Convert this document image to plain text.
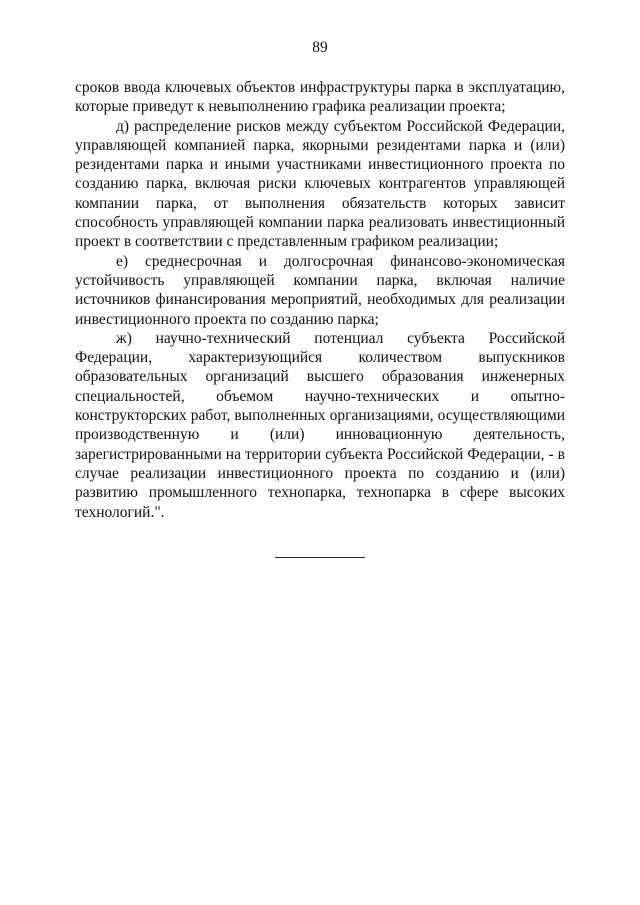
89

сроков ввода ключевых объектов инфраструктуры парка в эксплуатацию, которые приведут к невыполнению графика реализации проекта;

д) распределение рисков между субъектом Российской Федерации, управляющей компанией парка, якорными резидентами парка и (или) резидентами парка и иными участниками инвестиционного проекта по созданию парка, включая риски ключевых контрагентов управляющей компании парка, от выполнения обязательств которых зависит способность управляющей компании парка реализовать инвестиционный проект в соответствии с представленным графиком реализации;

е) среднесрочная и долгосрочная финансово-экономическая устойчивость управляющей компании парка, включая наличие источников финансирования мероприятий, необходимых для реализации инвестиционного проекта по созданию парка;

ж) научно-технический потенциал субъекта Российской Федерации, характеризующийся количеством выпускников образовательных организаций высшего образования инженерных специальностей, объемом научно-технических и опытно-конструкторских работ, выполненных организациями, осуществляющими производственную и (или) инновационную деятельность, зарегистрированными на территории субъекта Российской Федерации, - в случае реализации инвестиционного проекта по созданию и (или) развитию промышленного технопарка, технопарка в сфере высоких технологий.".
